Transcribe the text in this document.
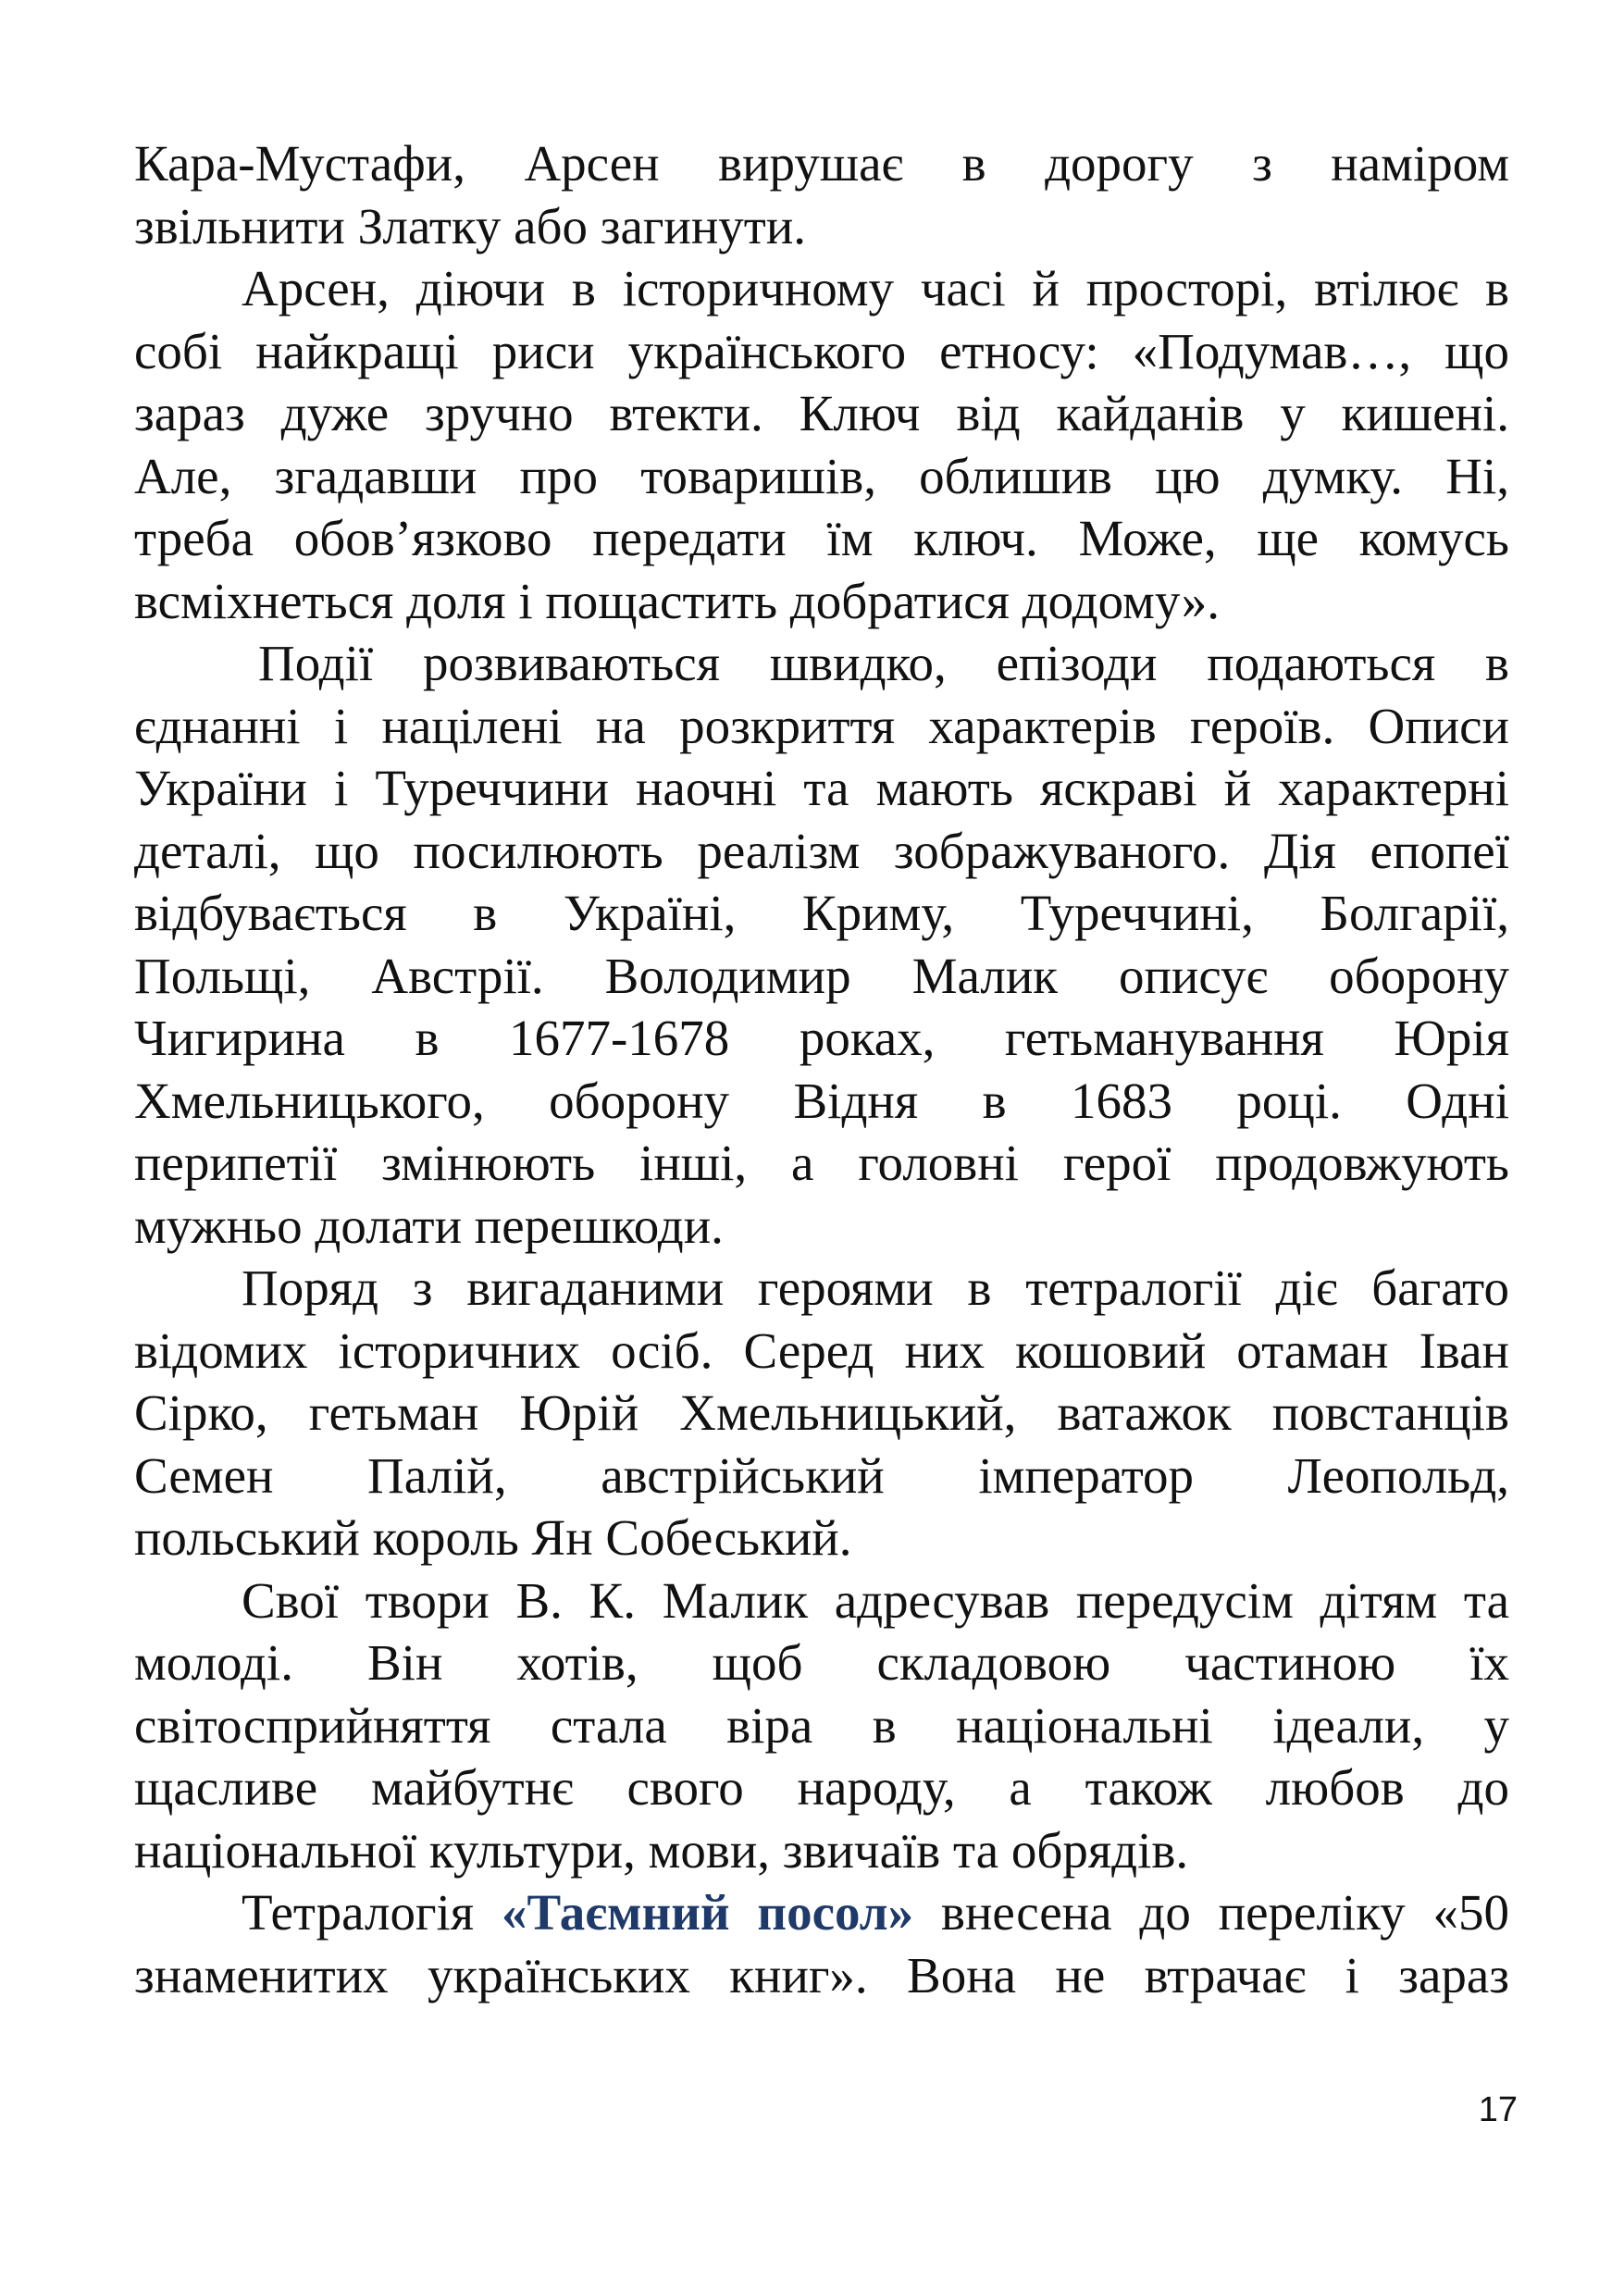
Кара-Мустафи, Арсен вирушає в дорогу з наміром
звільнити Златку або загинути.
Арсен, діючи в історичному часі й просторі, втілює в
собі найкращі риси українського етносу: «Подумав…, що
зараз дуже зручно втекти. Ключ від кайданів у кишені.
Але, згадавши про товаришів, облишив цю думку. Ні,
треба обов’язково передати їм ключ. Може, ще комусь
всміхнеться доля і пощастить добратися додому».
Події розвиваються швидко, епізоди подаються в
єднанні і націлені на розкриття характерів героїв. Описи
України і Туреччини наочні та мають яскраві й характерні
деталі, що посилюють реалізм зображуваного. Дія епопеї
відбувається в Україні, Криму, Туреччині, Болгарії,
Польщі, Австрії. Володимир Малик описує оборону
Чигирина в 1677-1678 роках, гетьманування Юрія
Хмельницького, оборону Відня в 1683 році. Одні
перипетії змінюють інші, а головні герої продовжують
мужньо долати перешкоди.
Поряд з вигаданими героями в тетралогії діє багато
відомих історичних осіб. Серед них кошовий отаман Іван
Сірко, гетьман Юрій Хмельницький, ватажок повстанців
Семен Палій, австрійський імператор Леопольд,
польський король Ян Собеський.
Свої твори В. К. Малик адресував передусім дітям та
молоді. Він хотів, щоб складовою частиною їх
світосприйняття стала віра в національні ідеали, у
щасливе майбутнє свого народу, а також любов до
національної культури, мови, звичаїв та обрядів.
Тетралогія «Таємний посол» внесена до переліку «50
знаменитих українських книг». Вона не втрачає і зараз
17
